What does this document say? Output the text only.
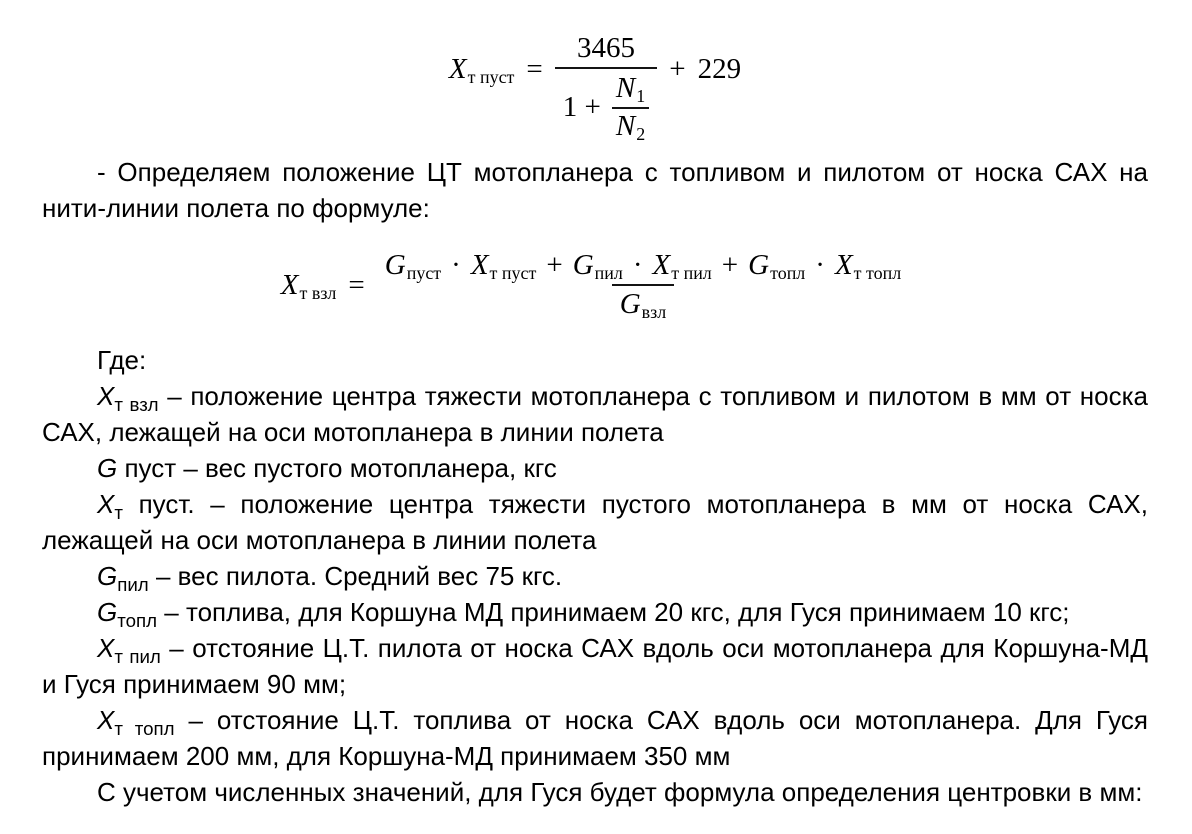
$X_{т пуст} = \frac{3465}{1 + \frac{N_1}{N_2}} + 229$

- Определяем положение ЦТ мотопланера с топливом и пилотом от носка САХ на нити-линии полета по формуле:

$X_{т взл}$ =
$G_{пуст} \cdot X_{т пуст} + G_{пил} \cdot X_{т пил} + G_{топл} \cdot X_{т топл}$
$G_{взл}$

Где:

$X_{т взл}$ – положение центра тяжести мотопланера с топливом и пилотом в мм от носка САХ, лежащей на оси мотопланера в линии полета

G пуст – вес пустого мотопланера, кгс

$X_т$ пуст. – положение центра тяжести пустого мотопланера в мм от носка САХ, лежащей на оси мотопланера в линии полета

$G_{пил}$ – вес пилота. Средний вес 75 кгс.

$G_{топл}$ – топлива, для Коршуна МД принимаем 20 кгс, для Гуся принимаем 10 кгс;

$X_{т пил}$ – отстояние Ц.Т. пилота от носка САХ вдоль оси мотопланера для Коршуна-МД и Гуся принимаем 90 мм;

$X_{т топл}$ – отстояние Ц.Т. топлива от носка САХ вдоль оси мотопланера. Для Гуся принимаем 200 мм, для Коршуна-МД принимаем 350 мм

С учетом численных значений, для Гуся будет формула определения центровки в мм:
